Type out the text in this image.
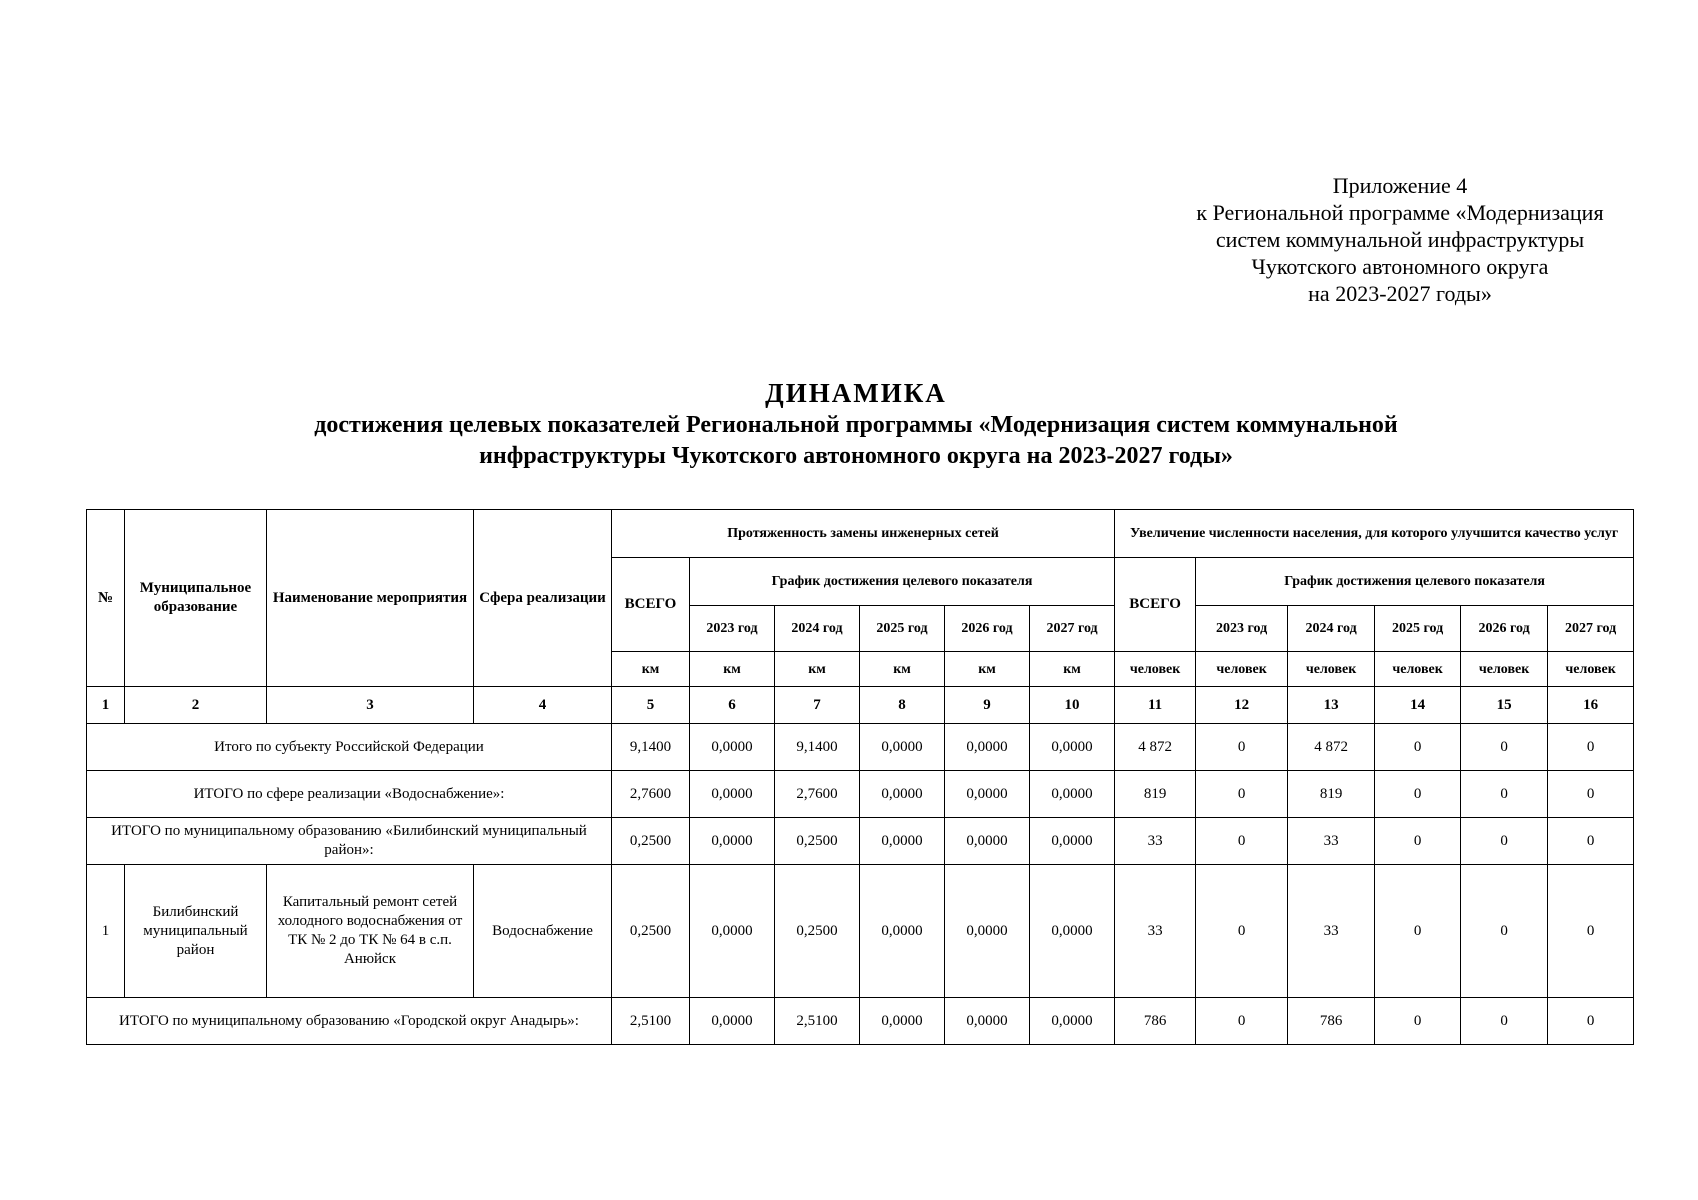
Приложение 4
к Региональной программе «Модернизация
систем коммунальной инфраструктуры
Чукотского автономного округа
на 2023-2027 годы»
ДИНАМИКА
достижения целевых показателей Региональной программы «Модернизация систем коммунальной
инфраструктуры Чукотского автономного округа на 2023-2027 годы»
№	Муниципальное образование	Наименование мероприятия	Сфера реализации	Протяженность замены инженерных сетей						Увеличение численности населения, для которого улучшится качество услуг					
				ВСЕГО	График достижения целевого показателя					ВСЕГО	График достижения целевого показателя				
					2023 год	2024 год	2025 год	2026 год	2027 год		2023 год	2024 год	2025 год	2026 год	2027 год
				км	км	км	км	км	км	человек	человек	человек	человек	человек	человек
1	2	3	4	5	6	7	8	9	10	11	12	13	14	15	16
Итого по субъекту Российской Федерации				9,1400	0,0000	9,1400	0,0000	0,0000	0,0000	4 872	0	4 872	0	0	0
ИТОГО по сфере реализации «Водоснабжение»:				2,7600	0,0000	2,7600	0,0000	0,0000	0,0000	819	0	819	0	0	0
ИТОГО по муниципальному образованию «Билибинский муниципальный район»:				0,2500	0,0000	0,2500	0,0000	0,0000	0,0000	33	0	33	0	0	0
1	Билибинский муниципальный район	Капитальный ремонт сетей холодного водоснабжения от ТК № 2 до ТК № 64 в с.п. Анюйск	Водоснабжение	0,2500	0,0000	0,2500	0,0000	0,0000	0,0000	33	0	33	0	0	0
ИТОГО по муниципальному образованию «Городской округ Анадырь»:				2,5100	0,0000	2,5100	0,0000	0,0000	0,0000	786	0	786	0	0	0
